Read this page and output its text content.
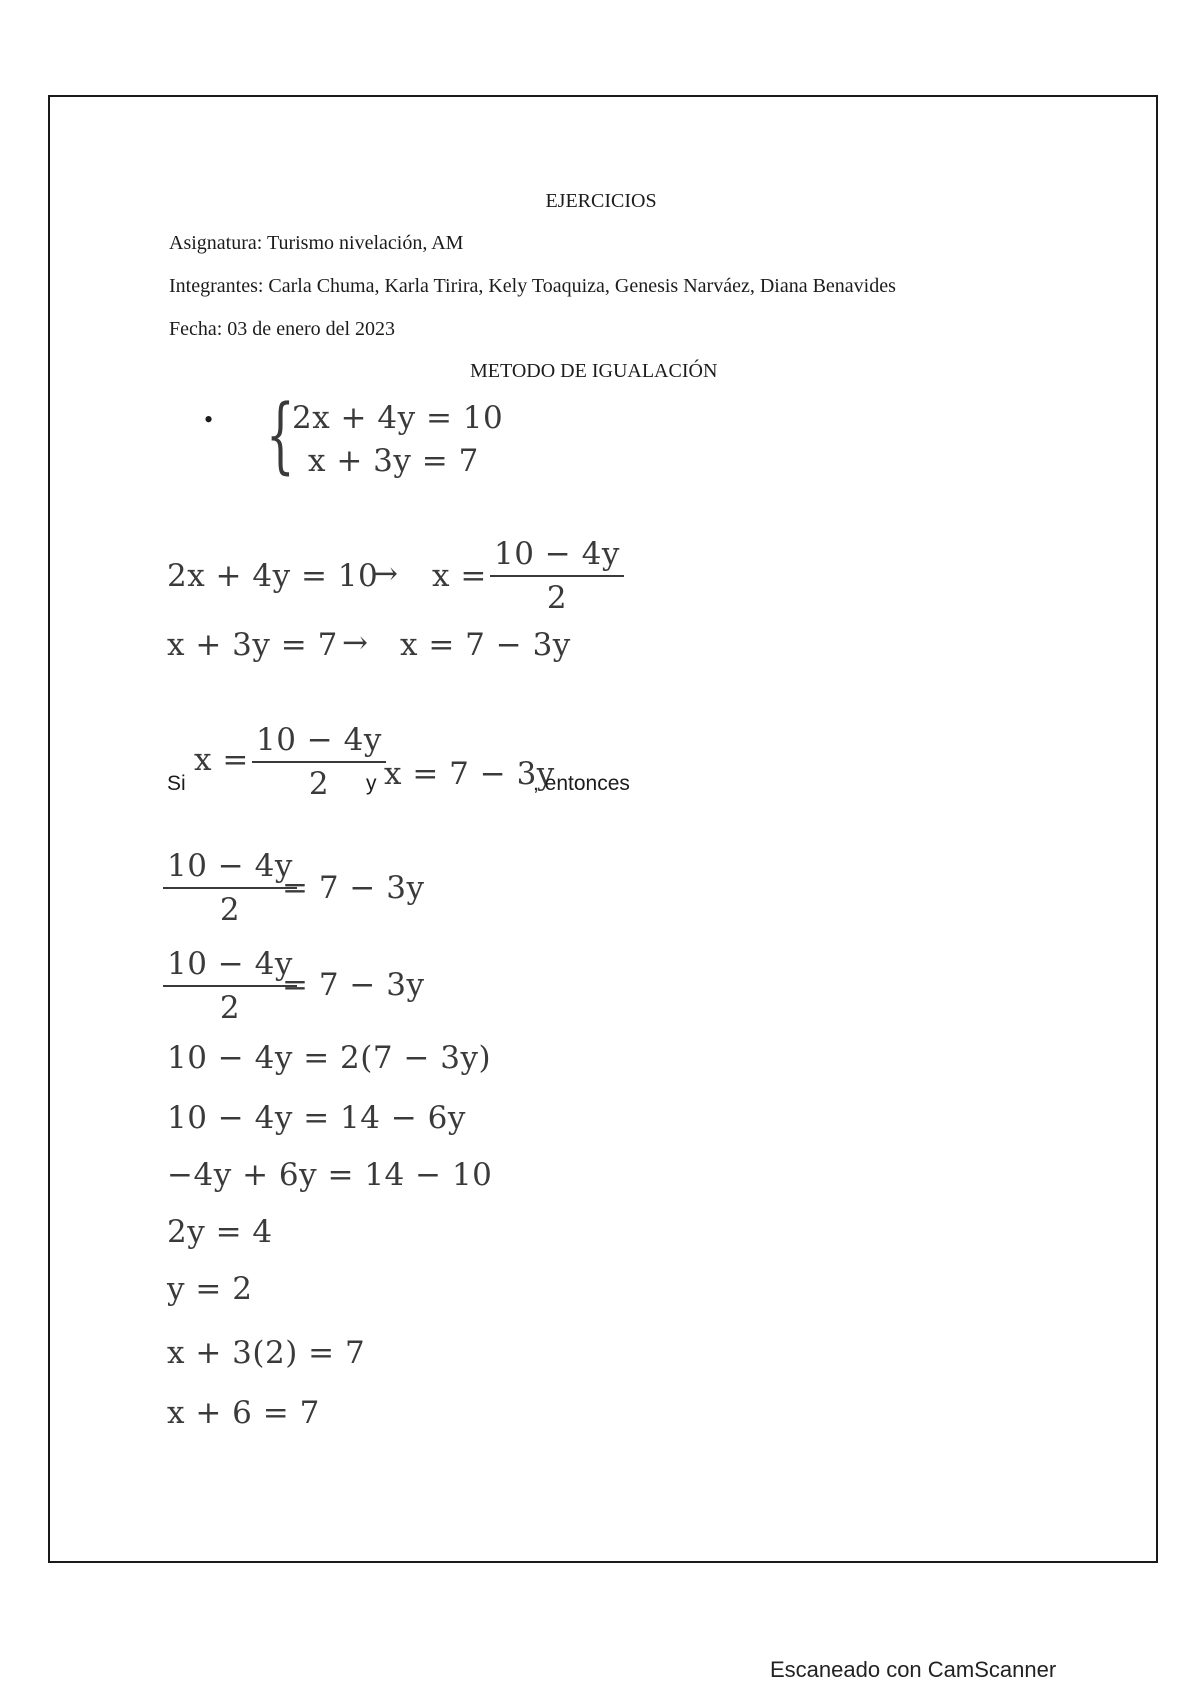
EJERCICIOS
Asignatura: Turismo nivelación, AM
Integrantes: Carla Chuma, Karla Tirira, Kely Toaquiza, Genesis Narváez, Diana Benavides
Fecha: 03 de enero del 2023
METODO DE IGUALACIÓN
• {
2x + 4y = 10
x + 3y = 7
2x + 4y = 10
→ $x = \frac{10 - 4y}{2}$
x + 3y = 7 → x = 7 − 3y
Si
$x = \frac{10 - 4y}{2}$
y x = 7 − 3y
, entonces
$\frac{10 - 4y}{2}$
= 7 − 3y
$\frac{10 - 4y}{2}$
= 7 − 3y
10 − 4y = 2(7 − 3y)
10 − 4y = 14 − 6y
−4y + 6y = 14 − 10
2y = 4
y = 2
x + 3(2) = 7
x + 6 = 7
Escaneado con CamScanner
